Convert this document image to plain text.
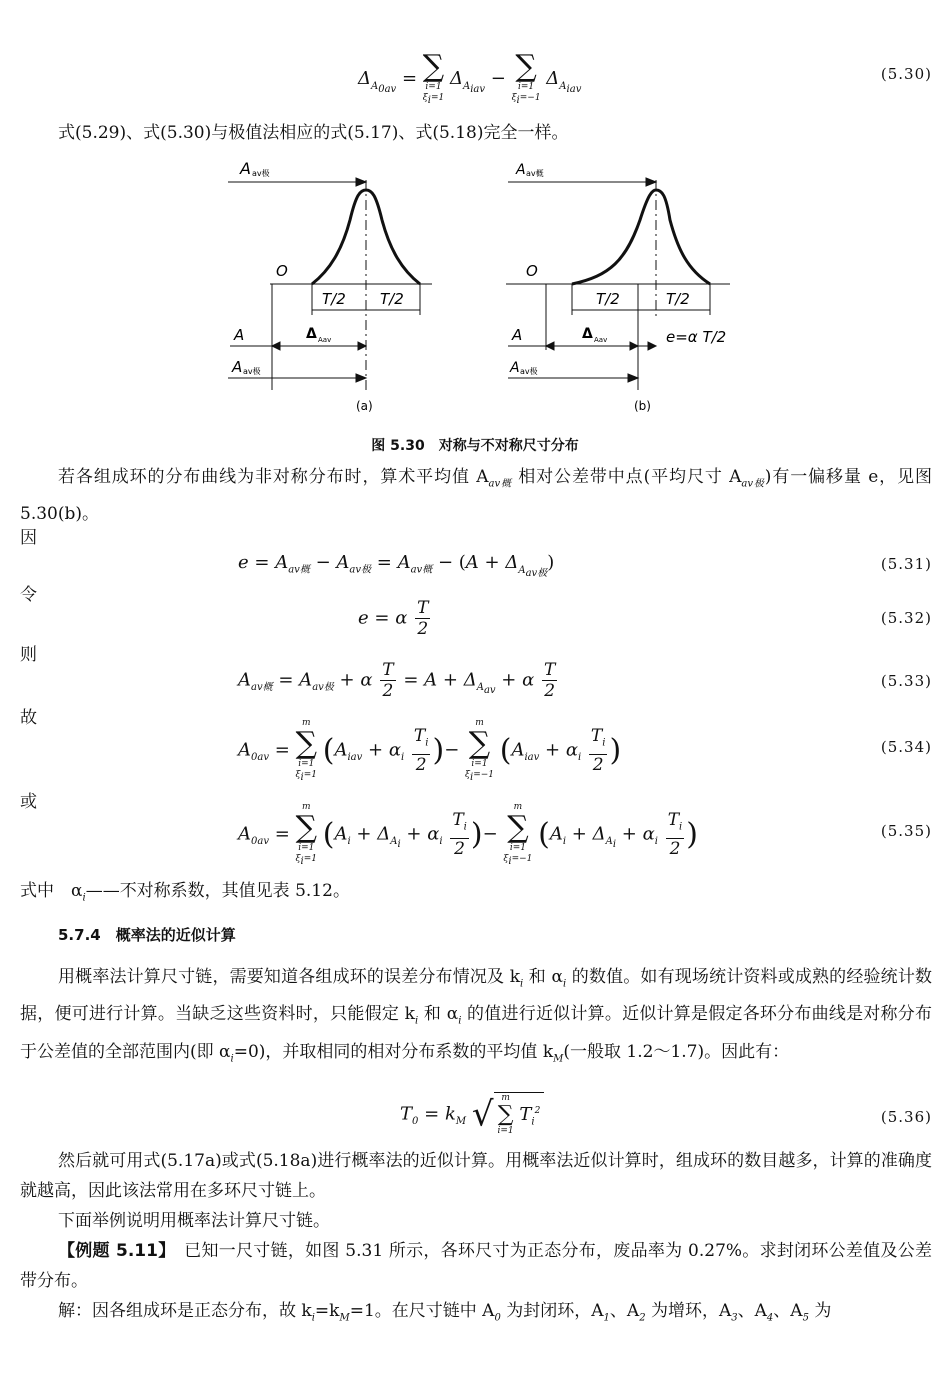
$\Delta_{A_{0av}}$ = ∑
i=1
$\xi_i=1$
$\Delta_{A_{iav}}$ − ∑
i=1
$\xi_i=-1$
$\Delta_{A_{iav}}$
(5.30)
式(5.29)、式(5.30)与极值法相应的式(5.17)、式(5.18)完全一样。
A av极
O
T/2 T/2
A	Δ Aav
A av极
(a)
A av概
O
T/2	T/2
A	Δ Aav	e=α T/2
A av极
(b)
图 5.30　对称与不对称尺寸分布
若各组成环的分布曲线为非对称分布时，算术平均值 $A_{av概}$ 相对公差带中点(平均尺寸 $A_{av极}$)有一偏移量 e，见图 5.30(b)。
因
$e = A_{av概} - A_{av极} = A_{av概} - (A + \Delta_{A_{av极}})$	(5.31)
令
e = α $\frac{T}{2}$	(5.32)
则
$A_{av概} = A_{av极} + \alpha \frac{T}{2} = A + \Delta_{A_{av}} + \alpha \frac{T}{2}$	(5.33)
故
$A_{0av}$ =
m
∑
i=1
$\xi_i=1$
($A_{iav} + \alpha_i \frac{T_i}{2}$ )−
m
∑
i=1
$\xi_i=-1$
($A_{iav} + \alpha_i \frac{T_i}{2}$ )	(5.34)
或
$A_{0av}$ =
m
∑
i=1
$\xi_i=1$
($A_i + \Delta_{A_i} + \alpha_i \frac{T_i}{2}$ )−
m
∑
i=1
$\xi_i=-1$
($A_i + \Delta_{A_i} + \alpha_i \frac{T_i}{2}$ )	(5.35)
式中　$\alpha_i——$不对称系数，其值见表 5.12。
5.7.4　概率法的近似计算
用概率法计算尺寸链，需要知道各组成环的误差分布情况及 $k_i$ 和 $\alpha_i$ 的数值。如有现场统计资料或成熟的经验统计数据，便可进行计算。当缺乏这些资料时，只能假定 $k_i$ 和 $\alpha_i$ 的值进行近似计算。近似计算是假定各环分布曲线是对称分布于公差值的全部范围内(即 $\alpha_i=0$)，并取相同的相对分布系数的平均值 $k_M$(一般取 1.2～1.7)。因此有：
$T_0 = k_M$ √ m
∑
i=1
$T_i^2$	(5.36)
然后就可用式(5.17a)或式(5.18a)进行概率法的近似计算。用概率法近似计算时，组成环的数目越多，计算的准确度就越高，因此该法常用在多环尺寸链上。
下面举例说明用概率法计算尺寸链。
【例题 5.11】　已知一尺寸链，如图 5.31 所示，各环尺寸为正态分布，废品率为 0.27%。求封闭环公差值及公差带分布。
解：因各组成环是正态分布，故 $k_i=k_M=1$。在尺寸链中 $A_0$ 为封闭环，$A_1$、$A_2$ 为增环，$A_3$、$A_4$、$A_5$ 为
